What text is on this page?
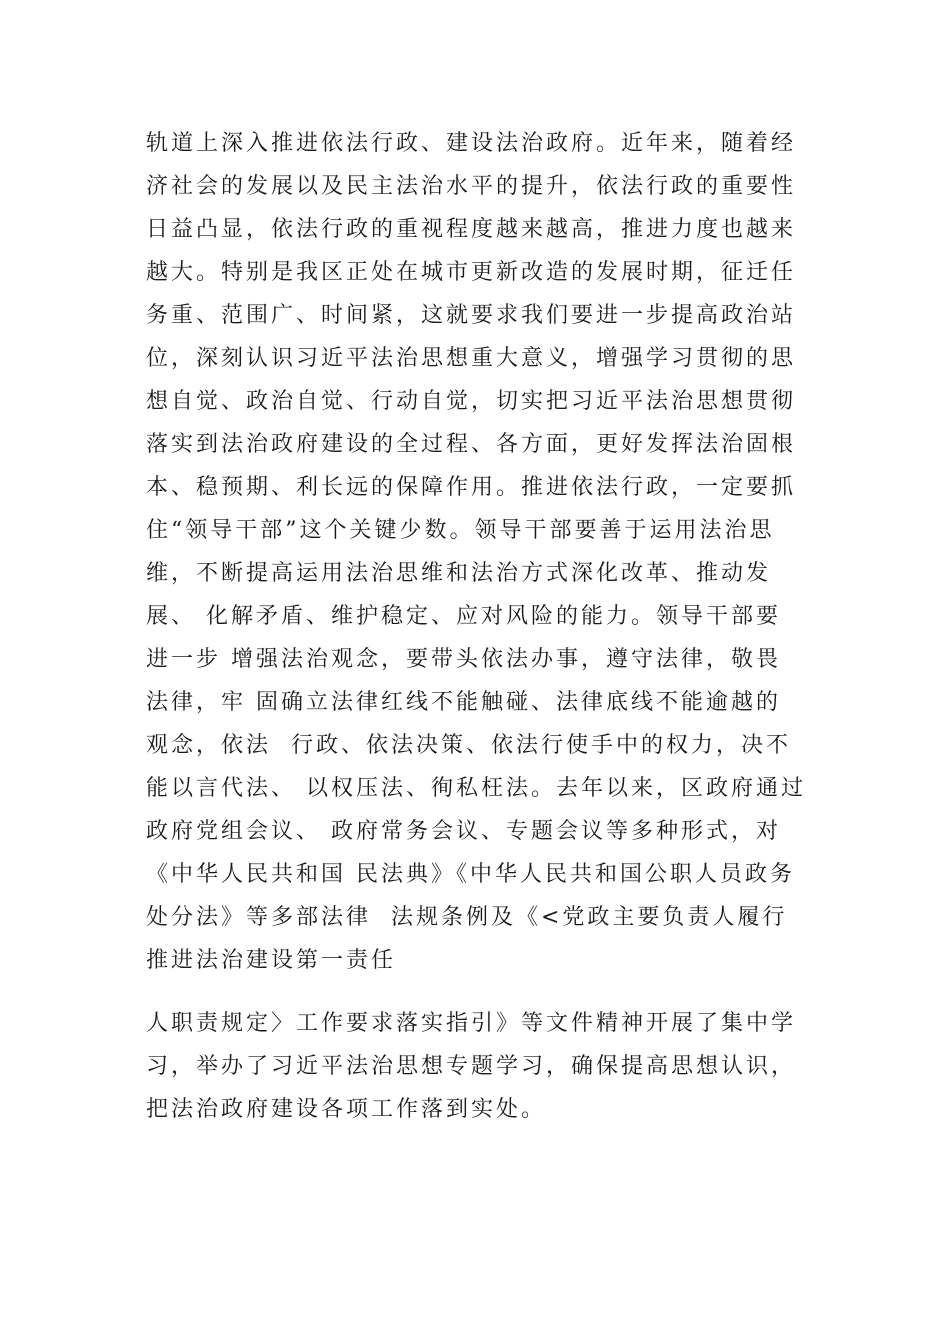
轨道上深入推进依法行政、建设法治政府。近年来，随着经
济社会的发展以及民主法治水平的提升，依法行政的重要性
日益凸显，依法行政的重视程度越来越高，推进力度也越来
越大。特别是我区正处在城市更新改造的发展时期，征迁任
务重、范围广、时间紧，这就要求我们要进一步提高政治站
位，深刻认识习近平法治思想重大意义，增强学习贯彻的思
想自觉、政治自觉、行动自觉，切实把习近平法治思想贯彻
落实到法治政府建设的全过程、各方面，更好发挥法治固根
本、稳预期、利长远的保障作用。推进依法行政，一定要抓
住“领导干部”这个关键少数。领导干部要善于运用法治思
维，不断提高运用法治思维和法治方式深化改革、推动发
展、 化解矛盾、维护稳定、应对风险的能力。领导干部要
进一步 增强法治观念，要带头依法办事，遵守法律，敬畏
法律，牢 固确立法律红线不能触碰、法律底线不能逾越的
观念，依法  行政、依法决策、依法行使手中的权力，决不
能以言代法、 以权压法、徇私枉法。去年以来，区政府通过
政府党组会议、 政府常务会议、专题会议等多种形式，对
《中华人民共和国 民法典》《中华人民共和国公职人员政务
处分法》等多部法律  法规条例及《<党政主要负责人履行
推进法治建设第一责任
人职责规定〉工作要求落实指引》等文件精神开展了集中学
习，举办了习近平法治思想专题学习，确保提高思想认识，
把法治政府建设各项工作落到实处。
